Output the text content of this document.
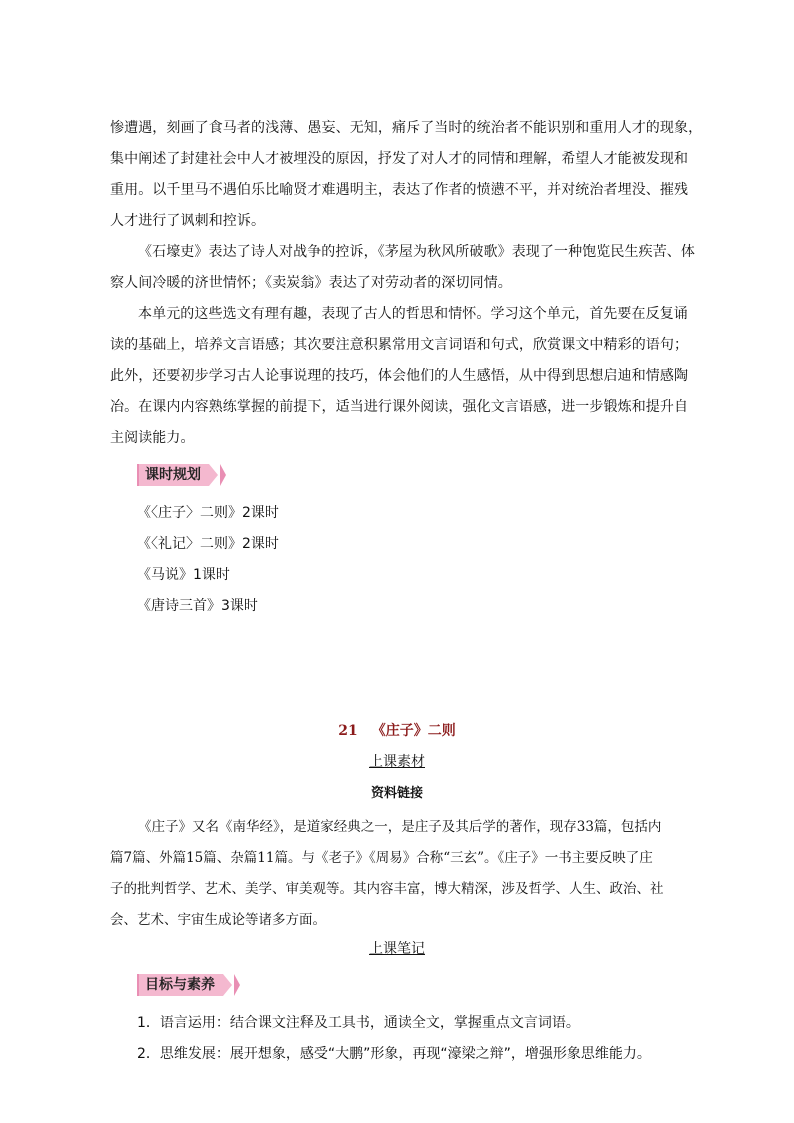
惨遭遇，刻画了食马者的浅薄、愚妄、无知，痛斥了当时的统治者不能识别和重用人才的现象，
集中阐述了封建社会中人才被埋没的原因，抒发了对人才的同情和理解，希望人才能被发现和
重用。以千里马不遇伯乐比喻贤才难遇明主，表达了作者的愤懑不平，并对统治者埋没、摧残
人才进行了讽刺和控诉。
《石壕吏》表达了诗人对战争的控诉，《茅屋为秋风所破歌》表现了一种饱览民生疾苦、体
察人间冷暖的济世情怀；《卖炭翁》表达了对劳动者的深切同情。
本单元的这些选文有理有趣，表现了古人的哲思和情怀。学习这个单元，首先要在反复诵
读的基础上，培养文言语感；其次要注意积累常用文言词语和句式，欣赏课文中精彩的语句；
此外，还要初步学习古人论事说理的技巧，体会他们的人生感悟，从中得到思想启迪和情感陶
冶。在课内内容熟练掌握的前提下，适当进行课外阅读，强化文言语感，进一步锻炼和提升自
主阅读能力。
课时规划
《〈庄子〉二则》2课时
《〈礼记〉二则》2课时
《马说》1课时
《唐诗三首》3课时
21 《庄子》二则
上课素材
资料链接
《庄子》又名《南华经》，是道家经典之一，是庄子及其后学的著作，现存33篇，包括内
篇7篇、外篇15篇、杂篇11篇。与《老子》《周易》合称“三玄”。《庄子》一书主要反映了庄
子的批判哲学、艺术、美学、审美观等。其内容丰富，博大精深，涉及哲学、人生、政治、社
会、艺术、宇宙生成论等诸多方面。
上课笔记
目标与素养
1．语言运用：结合课文注释及工具书，通读全文，掌握重点文言词语。
2．思维发展：展开想象，感受“大鹏”形象，再现“濠梁之辩”，增强形象思维能力。
